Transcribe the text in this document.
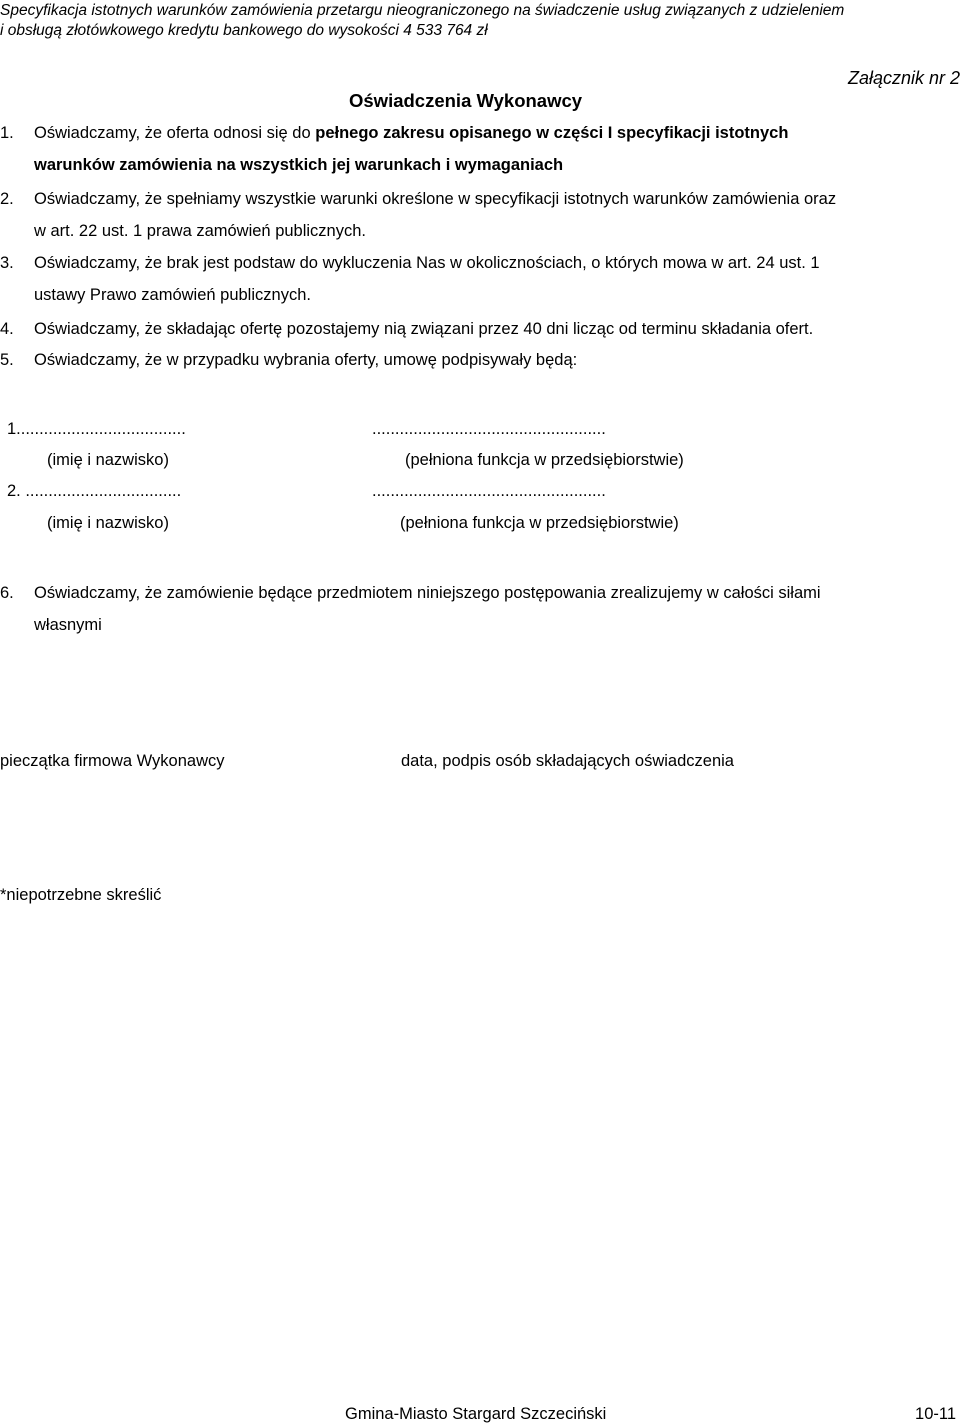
Specyfikacja istotnych warunków zamówienia przetargu nieograniczonego na świadczenie usług związanych z udzieleniem
i obsługą złotówkowego kredytu bankowego do wysokości 4 533 764 zł
Załącznik nr 2
Oświadczenia Wykonawcy
1. Oświadczamy, że oferta odnosi się do pełnego zakresu opisanego w części I specyfikacji istotnych
warunków zamówienia na wszystkich jej warunkach i wymaganiach
2. Oświadczamy, że spełniamy wszystkie warunki określone w specyfikacji istotnych warunków zamówienia oraz
w art. 22 ust. 1 prawa zamówień publicznych.
3. Oświadczamy, że brak jest podstaw do wykluczenia Nas w okolicznościach, o których mowa w art. 24 ust. 1
ustawy Prawo zamówień publicznych.
4. Oświadczamy, że składając ofertę pozostajemy nią związani przez 40 dni licząc od terminu składania ofert.
5. Oświadczamy, że w przypadku wybrania oferty, umowę podpisywały będą:
1.....................................	...................................................
(imię i nazwisko)	(pełniona funkcja w przedsiębiorstwie)
2. ..................................	...................................................
(imię i nazwisko)	(pełniona funkcja w przedsiębiorstwie)
6. Oświadczamy, że zamówienie będące przedmiotem niniejszego postępowania zrealizujemy w całości siłami
własnymi
pieczątka firmowa Wykonawcy	data, podpis osób składających oświadczenia
*niepotrzebne skreślić
Gmina-Miasto Stargard Szczeciński	10-11
